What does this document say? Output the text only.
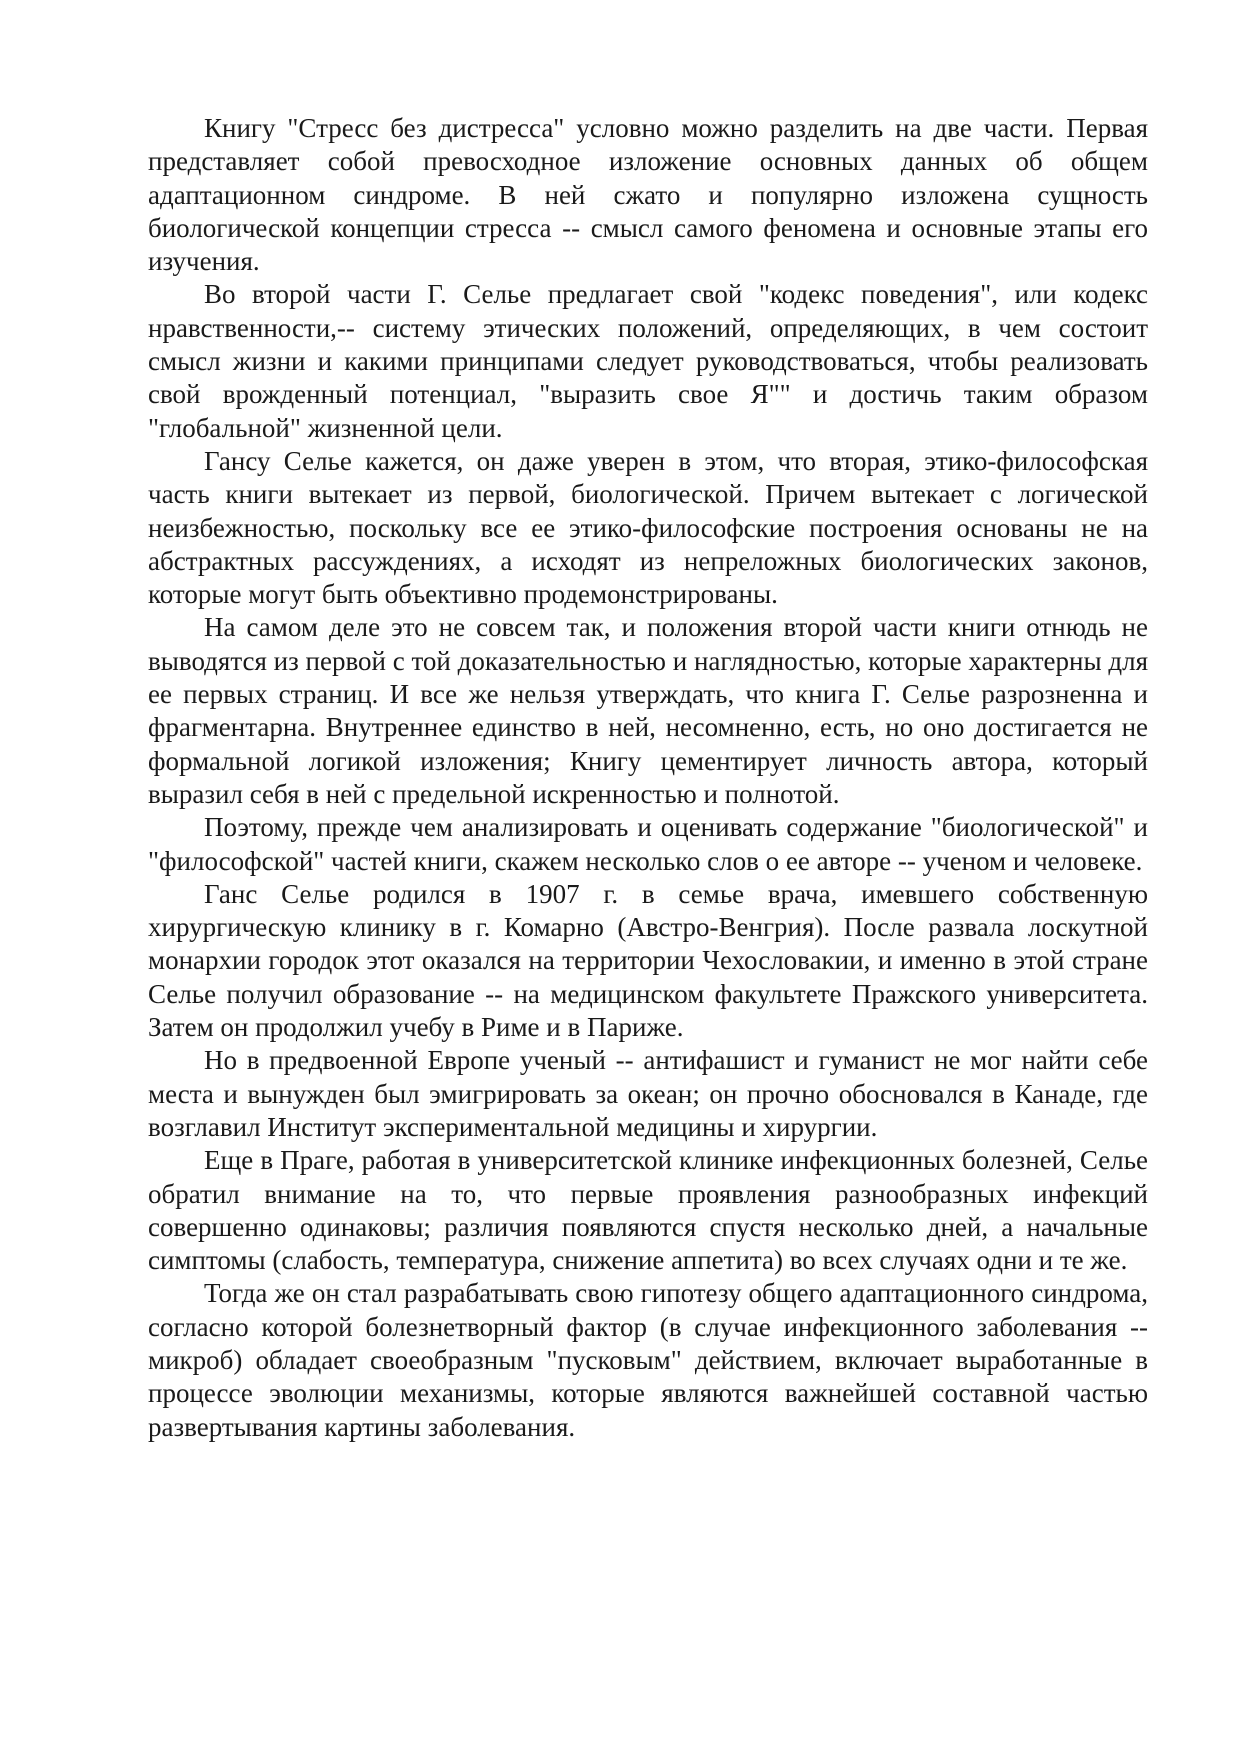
Книгу "Стресс без дистресса" условно можно разделить на две части. Первая представляет собой превосходное изложение основных данных об общем адаптационном синдроме. В ней сжато и популярно изложена сущность биологической концепции стресса -- смысл самого феномена и основные этапы его изучения.

Во второй части Г. Селье предлагает свой "кодекс поведения", или кодекс нравственности,-- систему этических положений, определяющих, в чем состоит смысл жизни и какими принципами следует руководствоваться, чтобы реализовать свой врожденный потенциал, "выразить свое Я"" и достичь таким образом "глобальной" жизненной цели.

Гансу Селье кажется, он даже уверен в этом, что вторая, этико-философская часть книги вытекает из первой, биологической. Причем вытекает с логической неизбежностью, поскольку все ее этико-философские построения основаны не на абстрактных рассуждениях, а исходят из непреложных биологических законов, которые могут быть объективно продемонстрированы.

На самом деле это не совсем так, и положения второй части книги отнюдь не выводятся из первой с той доказательностью и наглядностью, которые характерны для ее первых страниц. И все же нельзя утверждать, что книга Г. Селье разрозненна и фрагментарна. Внутреннее единство в ней, несомненно, есть, но оно достигается не формальной логикой изложения; Книгу цементирует личность автора, который выразил себя в ней с предельной искренностью и полнотой.

Поэтому, прежде чем анализировать и оценивать содержание "биологической" и "философской" частей книги, скажем несколько слов о ее авторе -- ученом и человеке.

Ганс Селье родился в 1907 г. в семье врача, имевшего собственную хирургическую клинику в г. Комарно (Австро-Венгрия). После развала лоскутной монархии городок этот оказался на территории Чехословакии, и именно в этой стране Селье получил образование -- на медицинском факультете Пражского университета. Затем он продолжил учебу в Риме и в Париже.

Но в предвоенной Европе ученый -- антифашист и гуманист не мог найти себе места и вынужден был эмигрировать за океан; он прочно обосновался в Канаде, где возглавил Институт экспериментальной медицины и хирургии.

Еще в Праге, работая в университетской клинике инфекционных болезней, Селье обратил внимание на то, что первые проявления разнообразных инфекций совершенно одинаковы; различия появляются спустя несколько дней, а начальные симптомы (слабость, температура, снижение аппетита) во всех случаях одни и те же.

Тогда же он стал разрабатывать свою гипотезу общего адаптационного синдрома, согласно которой болезнетворный фактор (в случае инфекционного заболевания -- микроб) обладает своеобразным "пусковым" действием, включает выработанные в процессе эволюции механизмы, которые являются важнейшей составной частью развертывания картины заболевания.
